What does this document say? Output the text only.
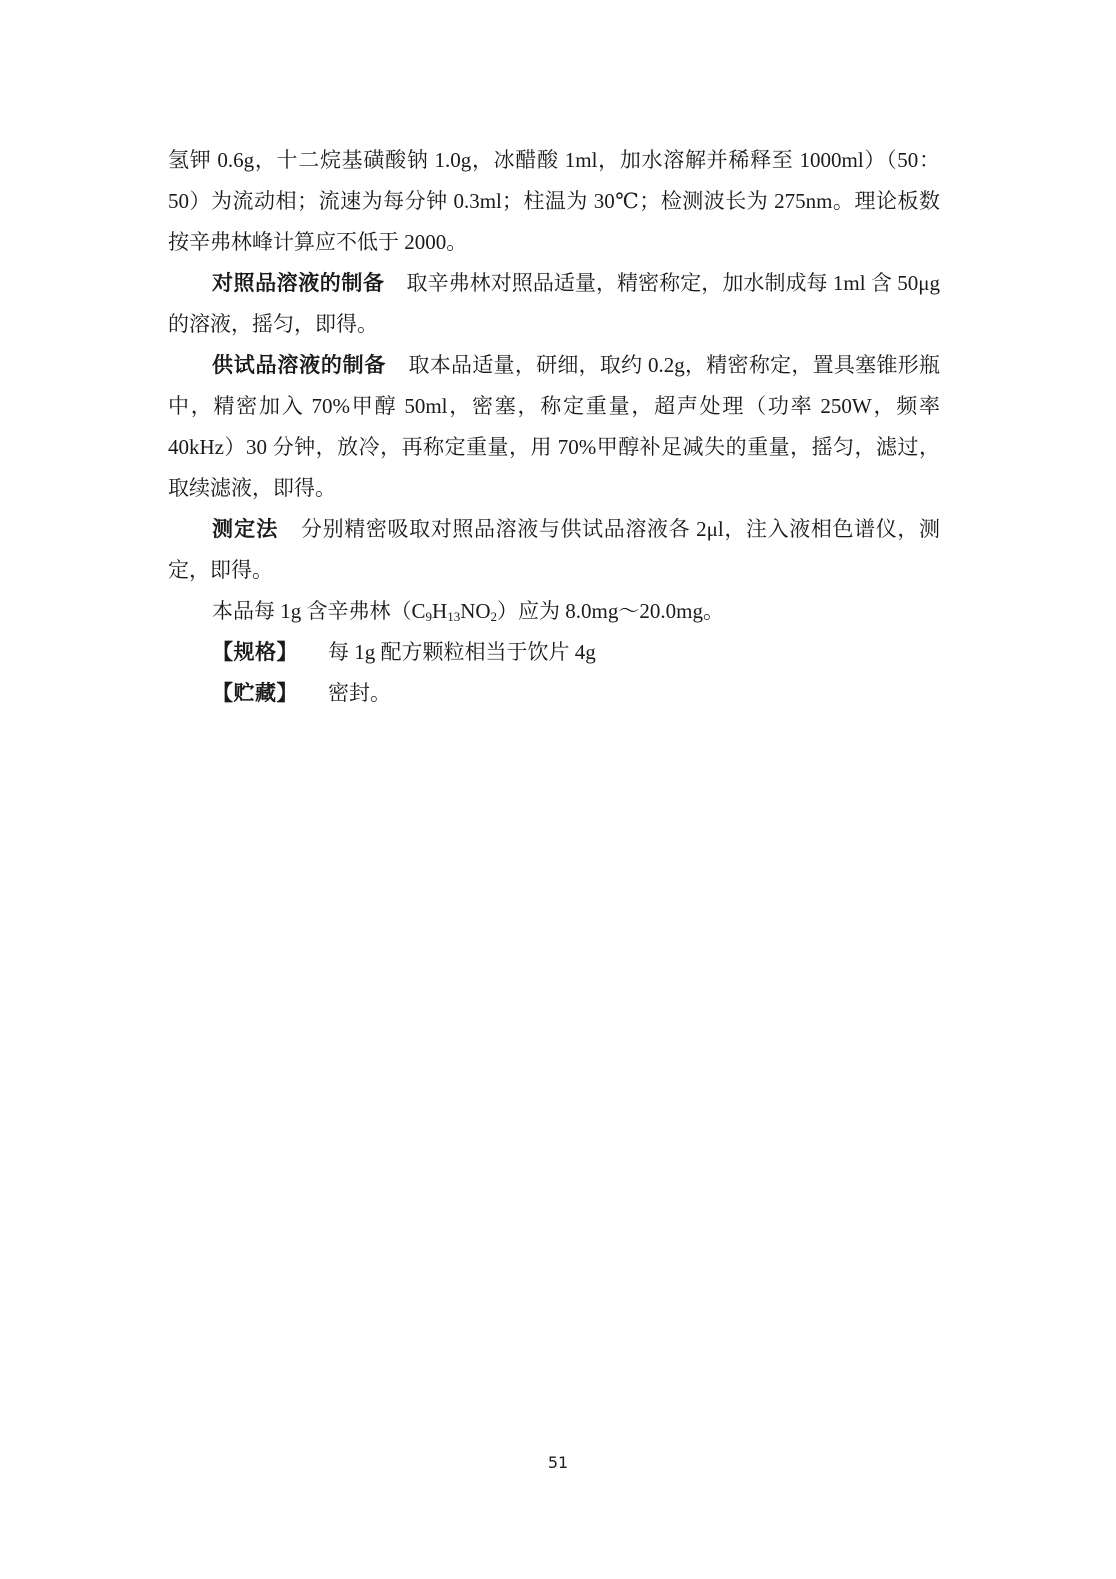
氢钾 0.6g，十二烷基磺酸钠 1.0g，冰醋酸 1ml，加水溶解并稀释至 1000ml）（50：50）为流动相；流速为每分钟 0.3ml；柱温为 30℃；检测波长为 275nm。理论板数按辛弗林峰计算应不低于 2000。

对照品溶液的制备 取辛弗林对照品适量，精密称定，加水制成每 1ml 含 50μg 的溶液，摇匀，即得。

供试品溶液的制备 取本品适量，研细，取约 0.2g，精密称定，置具塞锥形瓶中，精密加入 70%甲醇 50ml，密塞，称定重量，超声处理（功率 250W，频率 40kHz）30 分钟，放冷，再称定重量，用 70%甲醇补足减失的重量，摇匀，滤过，取续滤液，即得。

测定法 分别精密吸取对照品溶液与供试品溶液各 2μl，注入液相色谱仪，测定，即得。

本品每 1g 含辛弗林$(C_9H_{13}NO_2)$应为 8.0mg～20.0mg。

【规格】 每 1g 配方颗粒相当于饮片 4g

【贮藏】 密封。

51
